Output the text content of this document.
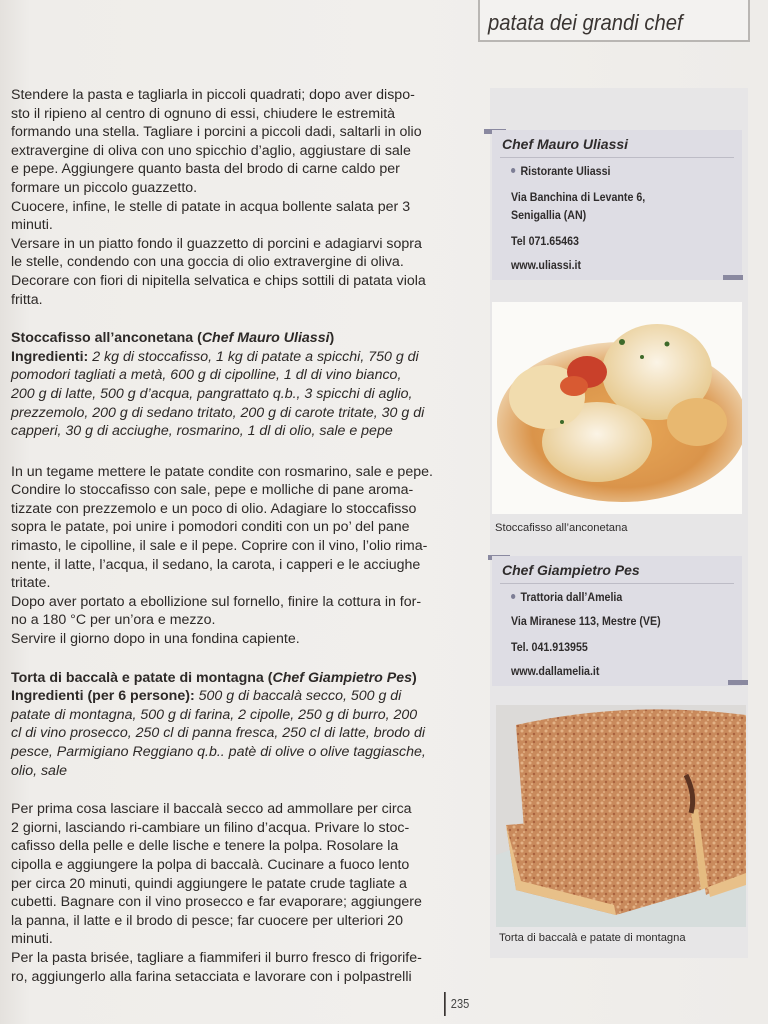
patata dei grandi chef

Stendere la pasta e tagliarla in piccoli quadrati; dopo aver dispo-

sto il ripieno al centro di ognuno di essi, chiudere le estremità

formando una stella. Tagliare i porcini a piccoli dadi, saltarli in olio

extravergine di oliva con uno spicchio d’aglio, aggiustare di sale

e pepe. Aggiungere quanto basta del brodo di carne caldo per

formare un piccolo guazzetto.

Cuocere, infine, le stelle di patate in acqua bollente salata per 3

minuti.

Versare in un piatto fondo il guazzetto di porcini e adagiarvi sopra

le stelle, condendo con una goccia di olio extravergine di oliva.

Decorare con fiori di nipitella selvatica e chips sottili di patata viola

fritta.

Stoccafisso all’anconetana (Chef Mauro Uliassi)

Ingredienti: 2 kg di stoccafisso, 1 kg di patate a spicchi, 750 g di

pomodori tagliati a metà, 600 g di cipolline, 1 dl di vino bianco,

200 g di latte, 500 g d’acqua, pangrattato q.b., 3 spicchi di aglio,

prezzemolo, 200 g di sedano tritato, 200 g di carote tritate, 30 g di

capperi, 30 g di acciughe, rosmarino, 1 dl di olio, sale e pepe

In un tegame mettere le patate condite con rosmarino, sale e pepe.

Condire lo stoccafisso con sale, pepe e molliche di pane aroma-

tizzate con prezzemolo e un poco di olio. Adagiare lo stoccafisso

sopra le patate, poi unire i pomodori conditi con un po’ del pane

rimasto, le cipolline, il sale e il pepe. Coprire con il vino, l’olio rima-

nente, il latte, l’acqua, il sedano, la carota, i capperi e le acciughe

tritate.

Dopo aver portato a ebollizione sul fornello, finire la cottura in for-

no a 180 °C per un’ora e mezzo.

Servire il giorno dopo in una fondina capiente.

Torta di baccalà e patate di montagna (Chef Giampietro Pes)

Ingredienti (per 6 persone): 500 g di baccalà secco, 500 g di

patate di montagna, 500 g di farina, 2 cipolle, 250 g di burro, 200

cl di vino prosecco, 250 cl di panna fresca, 250 cl di latte, brodo di

pesce, Parmigiano Reggiano q.b.. patè di olive o olive taggiasche,

olio, sale

Per prima cosa lasciare il baccalà secco ad ammollare per circa

2 giorni, lasciando ri-cambiare un filino d’acqua. Privare lo stoc-

cafisso della pelle e delle lische e tenere la polpa. Rosolare la

cipolla e aggiungere la polpa di baccalà. Cucinare a fuoco lento

per circa 20 minuti, quindi aggiungere le patate crude tagliate a

cubetti. Bagnare con il vino prosecco e far evaporare; aggiungere

la panna, il latte e il brodo di pesce; far cuocere per ulteriori 20

minuti.

Per la pasta brisée, tagliare a fiammiferi il burro fresco di frigorife-

ro, aggiungerlo alla farina setacciata e lavorare con i polpastrelli

Chef Mauro Uliassi
Ristorante Uliassi
Via Banchina di Levante 6,
Senigallia (AN)
Tel 071.65463
www.uliassi.it
Stoccafisso all’anconetana
Chef Giampietro Pes
Trattoria dall’Amelia
Via Miranese 113, Mestre (VE)
Tel. 041.913955
www.dallamelia.it
Torta di baccalà e patate di montagna
235
